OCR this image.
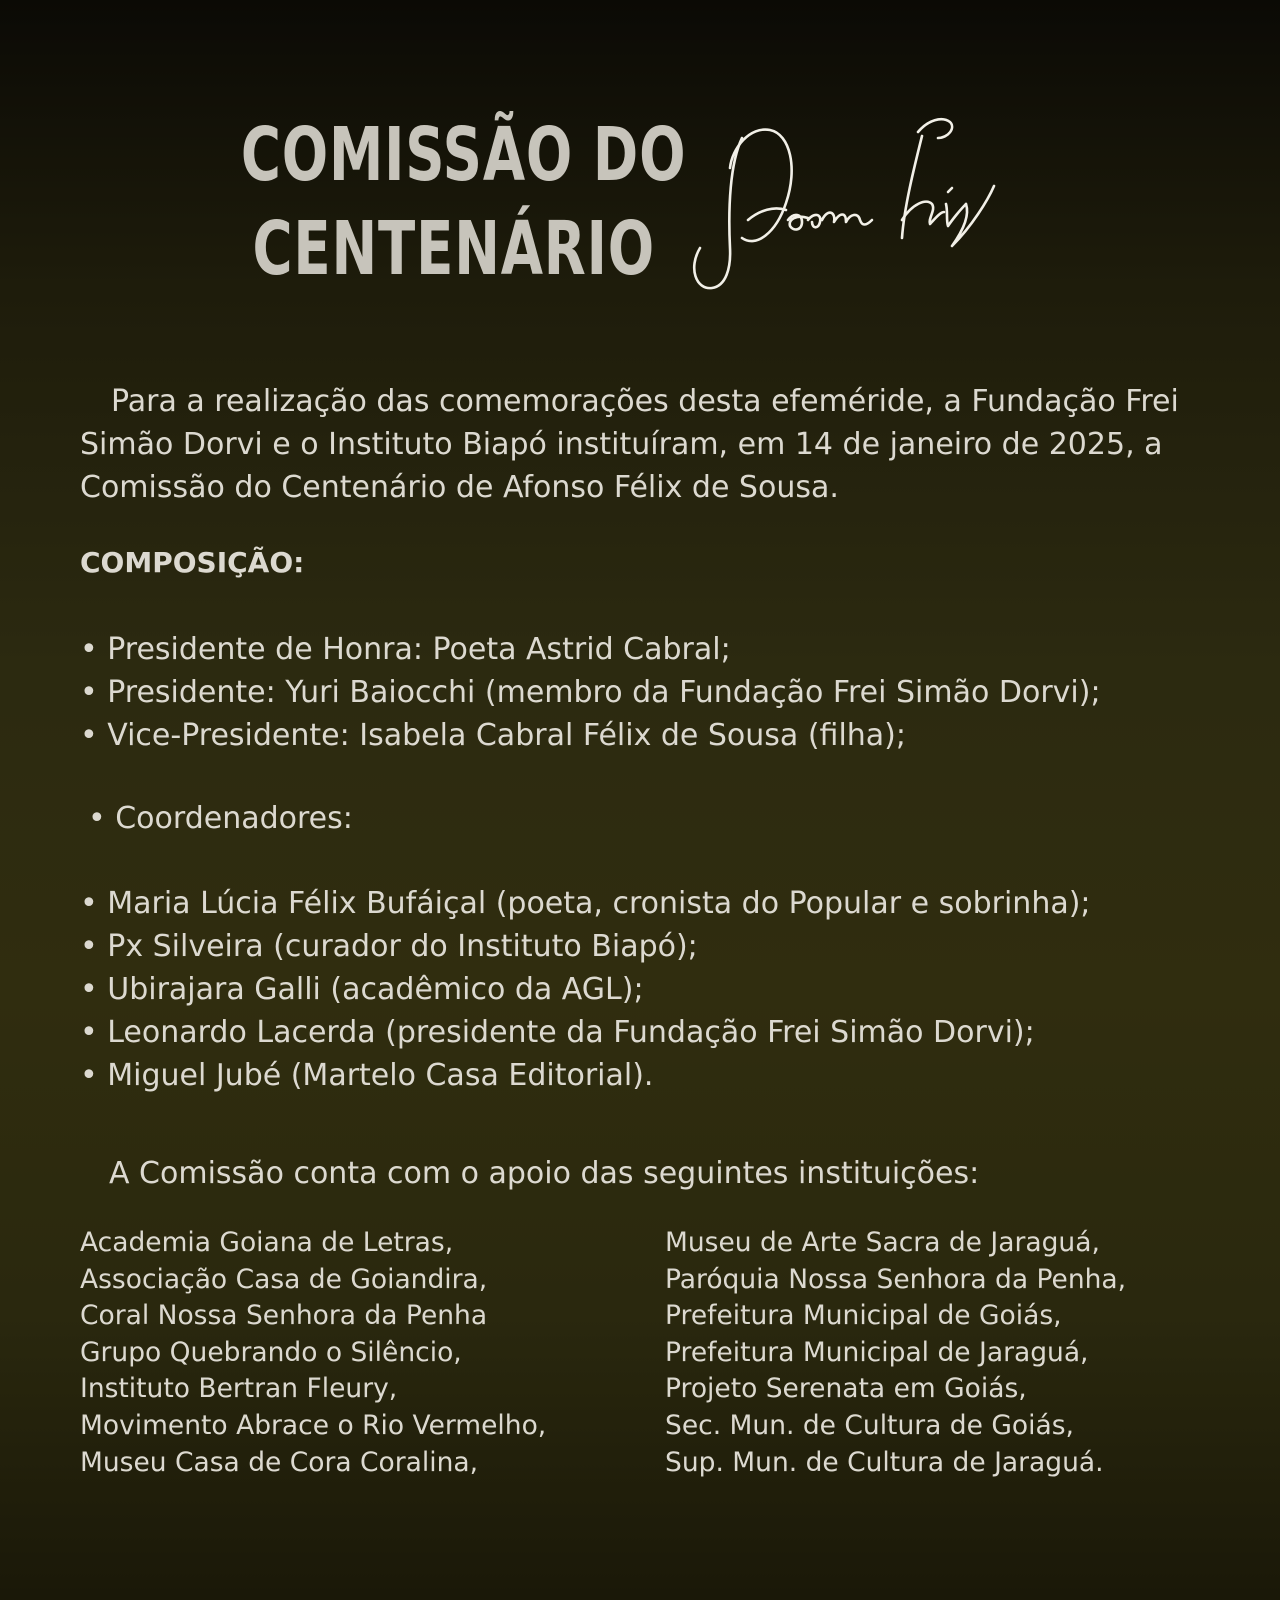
COMISSÃO DO
CENTENÁRIO
Para a realização das comemorações desta efeméride, a Fundação Frei Simão Dorvi e o Instituto Biapó instituíram, em 14 de janeiro de 2025, a Comissão do Centenário de Afonso Félix de Sousa.
COMPOSIÇÃO:
• Presidente de Honra: Poeta Astrid Cabral;
• Presidente: Yuri Baiocchi (membro da Fundação Frei Simão Dorvi);
• Vice-Presidente: Isabela Cabral Félix de Sousa (filha);
• Coordenadores:
• Maria Lúcia Félix Bufáiçal (poeta, cronista do Popular e sobrinha);
• Px Silveira (curador do Instituto Biapó);
• Ubirajara Galli (acadêmico da AGL);
• Leonardo Lacerda (presidente da Fundação Frei Simão Dorvi);
• Miguel Jubé (Martelo Casa Editorial).
A Comissão conta com o apoio das seguintes instituições:
Academia Goiana de Letras,
Associação Casa de Goiandira,
Coral Nossa Senhora da Penha
Grupo Quebrando o Silêncio,
Instituto Bertran Fleury,
Movimento Abrace o Rio Vermelho,
Museu Casa de Cora Coralina,
Museu de Arte Sacra de Jaraguá,
Paróquia Nossa Senhora da Penha,
Prefeitura Municipal de Goiás,
Prefeitura Municipal de Jaraguá,
Projeto Serenata em Goiás,
Sec. Mun. de Cultura de Goiás,
Sup. Mun. de Cultura de Jaraguá.
